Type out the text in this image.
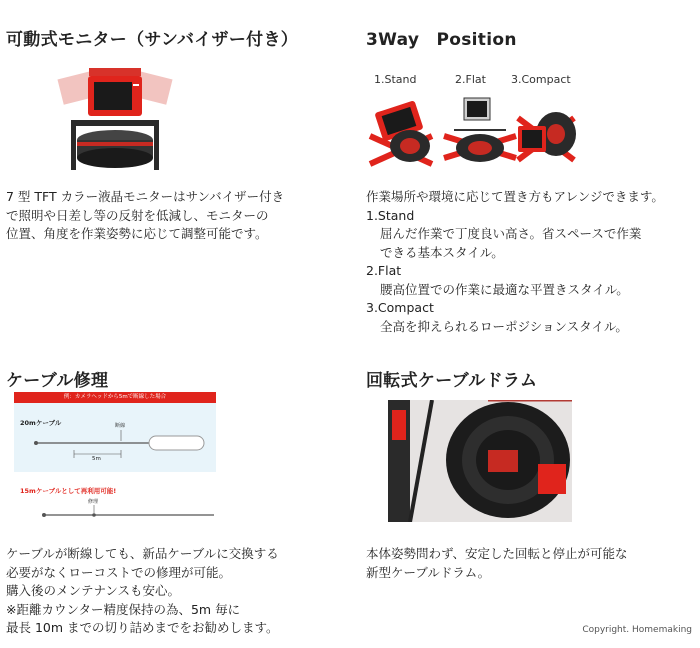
可動式モニター（サンバイザー付き）
7 型 TFT カラー液晶モニターはサンバイザー付き
で照明や日差し等の反射を低減し、モニターの
位置、角度を作業姿勢に応じて調整可能です。
3Way　Position
1.Stand	2.Flat 3.Compact
作業場所や環境に応じて置き方もアレンジできます。
1.Stand
屈んだ作業で丁度良い高さ。省スペースで作業
できる基本スタイル。
2.Flat
腰高位置での作業に最適な平置きスタイル。
3.Compact
全高を抑えられるローポジションスタイル。
ケーブル修理
例：カメラヘッドから5mで断線した場合
20mケーブル	断線
5m
15mケーブルとして再利用可能!
修理
ケーブルが断線しても、新品ケーブルに交換する
必要がなくローコストでの修理が可能。
購入後のメンテナンスも安心。
※距離カウンター精度保持の為、5m 毎に
最長 10m までの切り詰めまでをお勧めします。
回転式ケーブルドラム
本体姿勢問わず、安定した回転と停止が可能な
新型ケーブルドラム。
Copyright. Homemaking
